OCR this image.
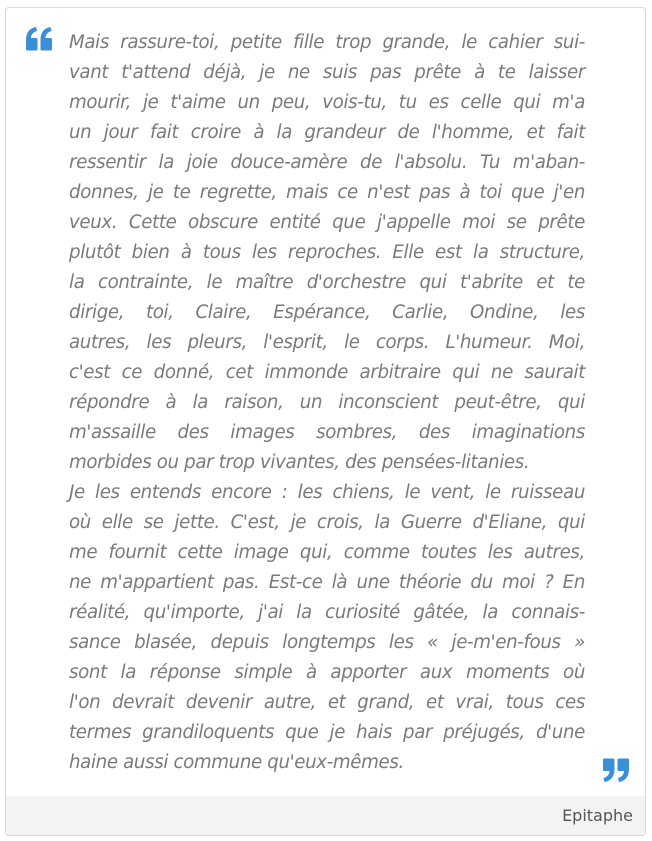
Mais rassure-toi, petite fille trop grande, le cahier sui-
vant t'attend déjà, je ne suis pas prête à te laisser
mourir, je t'aime un peu, vois-tu, tu es celle qui m'a
un jour fait croire à la grandeur de l'homme, et fait
ressentir la joie douce-amère de l'absolu. Tu m'aban-
donnes, je te regrette, mais ce n'est pas à toi que j'en
veux. Cette obscure entité que j'appelle moi se prête
plutôt bien à tous les reproches. Elle est la structure,
la contrainte, le maître d'orchestre qui t'abrite et te
dirige, toi, Claire, Espérance, Carlie, Ondine, les
autres, les pleurs, l'esprit, le corps. L'humeur. Moi,
c'est ce donné, cet immonde arbitraire qui ne saurait
répondre à la raison, un inconscient peut-être, qui
m'assaille des images sombres, des imaginations
morbides ou par trop vivantes, des pensées-litanies.
Je les entends encore : les chiens, le vent, le ruisseau
où elle se jette. C'est, je crois, la Guerre d'Eliane, qui
me fournit cette image qui, comme toutes les autres,
ne m'appartient pas. Est-ce là une théorie du moi ? En
réalité, qu'importe, j'ai la curiosité gâtée, la connais-
sance blasée, depuis longtemps les « je-m'en-fous »
sont la réponse simple à apporter aux moments où
l'on devrait devenir autre, et grand, et vrai, tous ces
termes grandiloquents que je hais par préjugés, d'une
haine aussi commune qu'eux-mêmes.
Epitaphe
